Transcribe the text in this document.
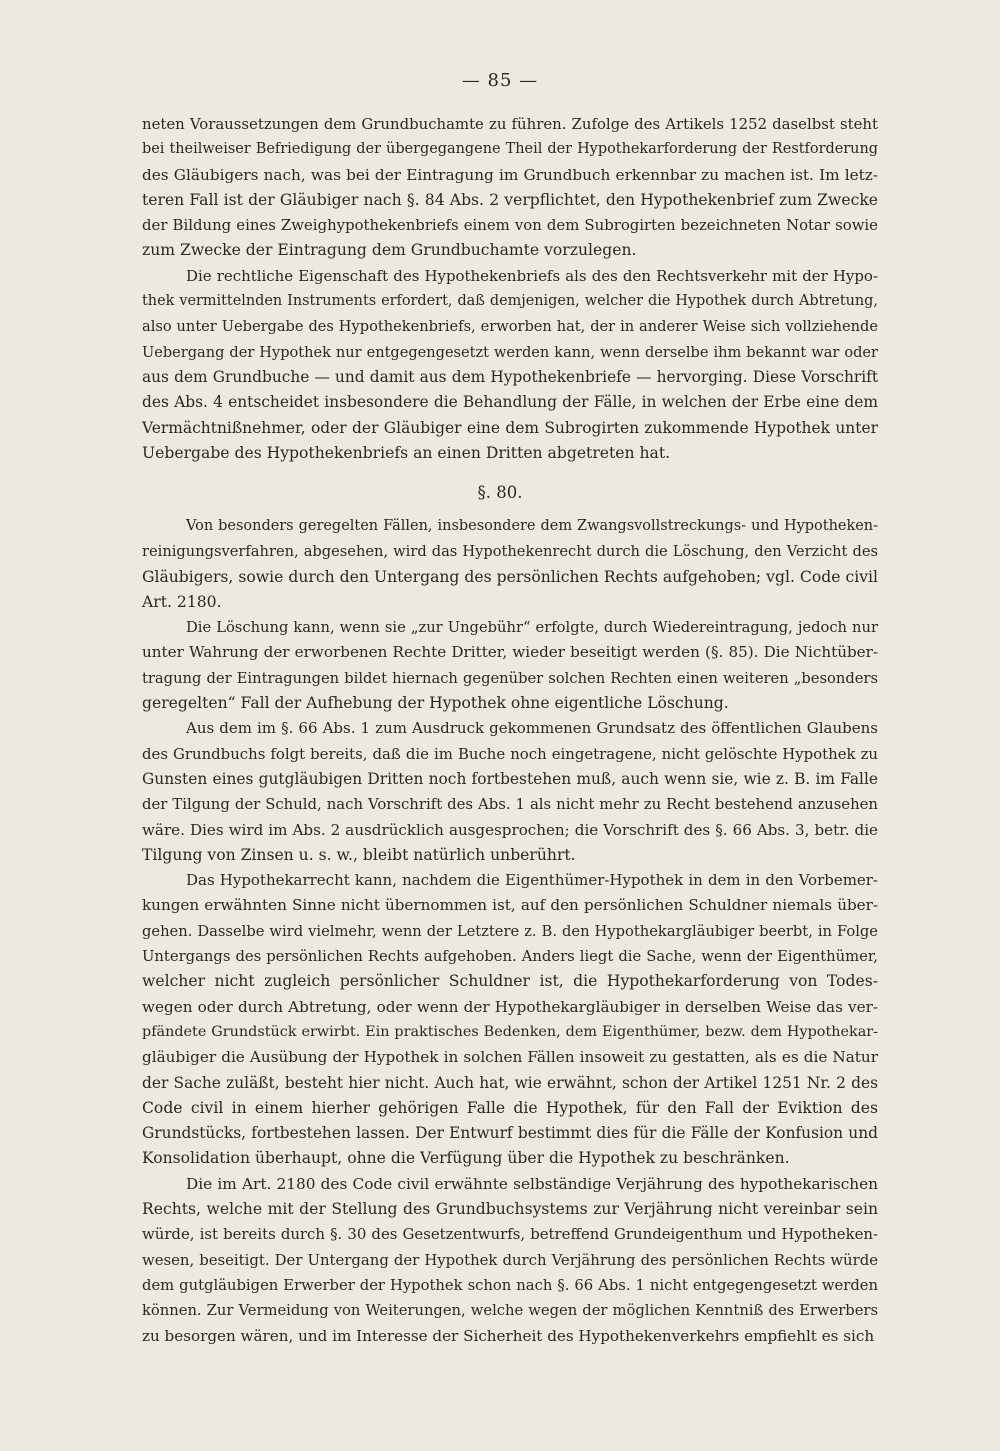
— 85 —
neten Voraussetzungen dem Grundbuchamte zu führen. Zufolge des Artikels 1252 daselbst steht
bei theilweiser Befriedigung der übergegangene Theil der Hypothekarforderung der Restforderung
des Gläubigers nach, was bei der Eintragung im Grundbuch erkennbar zu machen ist. Im letz-
teren Fall ist der Gläubiger nach §. 84 Abs. 2 verpflichtet, den Hypothekenbrief zum Zwecke
der Bildung eines Zweighypothekenbriefs einem von dem Subrogirten bezeichneten Notar sowie
zum Zwecke der Eintragung dem Grundbuchamte vorzulegen.
Die rechtliche Eigenschaft des Hypothekenbriefs als des den Rechtsverkehr mit der Hypo-
thek vermittelnden Instruments erfordert, daß demjenigen, welcher die Hypothek durch Abtretung,
also unter Uebergabe des Hypothekenbriefs, erworben hat, der in anderer Weise sich vollziehende
Uebergang der Hypothek nur entgegengesetzt werden kann, wenn derselbe ihm bekannt war oder
aus dem Grundbuche — und damit aus dem Hypothekenbriefe — hervorging. Diese Vorschrift
des Abs. 4 entscheidet insbesondere die Behandlung der Fälle, in welchen der Erbe eine dem
Vermächtnißnehmer, oder der Gläubiger eine dem Subrogirten zukommende Hypothek unter
Uebergabe des Hypothekenbriefs an einen Dritten abgetreten hat.
§. 80.
Von besonders geregelten Fällen, insbesondere dem Zwangsvollstreckungs- und Hypotheken-
reinigungsverfahren, abgesehen, wird das Hypothekenrecht durch die Löschung, den Verzicht des
Gläubigers, sowie durch den Untergang des persönlichen Rechts aufgehoben; vgl. Code civil
Art. 2180.
Die Löschung kann, wenn sie „zur Ungebühr“ erfolgte, durch Wiedereintragung, jedoch nur
unter Wahrung der erworbenen Rechte Dritter, wieder beseitigt werden (§. 85). Die Nichtüber-
tragung der Eintragungen bildet hiernach gegenüber solchen Rechten einen weiteren „besonders
geregelten“ Fall der Aufhebung der Hypothek ohne eigentliche Löschung.
Aus dem im §. 66 Abs. 1 zum Ausdruck gekommenen Grundsatz des öffentlichen Glaubens
des Grundbuchs folgt bereits, daß die im Buche noch eingetragene, nicht gelöschte Hypothek zu
Gunsten eines gutgläubigen Dritten noch fortbestehen muß, auch wenn sie, wie z. B. im Falle
der Tilgung der Schuld, nach Vorschrift des Abs. 1 als nicht mehr zu Recht bestehend anzusehen
wäre. Dies wird im Abs. 2 ausdrücklich ausgesprochen; die Vorschrift des §. 66 Abs. 3, betr. die
Tilgung von Zinsen u. s. w., bleibt natürlich unberührt.
Das Hypothekarrecht kann, nachdem die Eigenthümer-Hypothek in dem in den Vorbemer-
kungen erwähnten Sinne nicht übernommen ist, auf den persönlichen Schuldner niemals über-
gehen. Dasselbe wird vielmehr, wenn der Letztere z. B. den Hypothekargläubiger beerbt, in Folge
Untergangs des persönlichen Rechts aufgehoben. Anders liegt die Sache, wenn der Eigenthümer,
welcher nicht zugleich persönlicher Schuldner ist, die Hypothekarforderung von Todes-
wegen oder durch Abtretung, oder wenn der Hypothekargläubiger in derselben Weise das ver-
pfändete Grundstück erwirbt. Ein praktisches Bedenken, dem Eigenthümer, bezw. dem Hypothekar-
gläubiger die Ausübung der Hypothek in solchen Fällen insoweit zu gestatten, als es die Natur
der Sache zuläßt, besteht hier nicht. Auch hat, wie erwähnt, schon der Artikel 1251 Nr. 2 des
Code civil in einem hierher gehörigen Falle die Hypothek, für den Fall der Eviktion des
Grundstücks, fortbestehen lassen. Der Entwurf bestimmt dies für die Fälle der Konfusion und
Konsolidation überhaupt, ohne die Verfügung über die Hypothek zu beschränken.
Die im Art. 2180 des Code civil erwähnte selbständige Verjährung des hypothekarischen
Rechts, welche mit der Stellung des Grundbuchsystems zur Verjährung nicht vereinbar sein
würde, ist bereits durch §. 30 des Gesetzentwurfs, betreffend Grundeigenthum und Hypotheken-
wesen, beseitigt. Der Untergang der Hypothek durch Verjährung des persönlichen Rechts würde
dem gutgläubigen Erwerber der Hypothek schon nach §. 66 Abs. 1 nicht entgegengesetzt werden
können. Zur Vermeidung von Weiterungen, welche wegen der möglichen Kenntniß des Erwerbers
zu besorgen wären, und im Interesse der Sicherheit des Hypothekenverkehrs empfiehlt es sich
